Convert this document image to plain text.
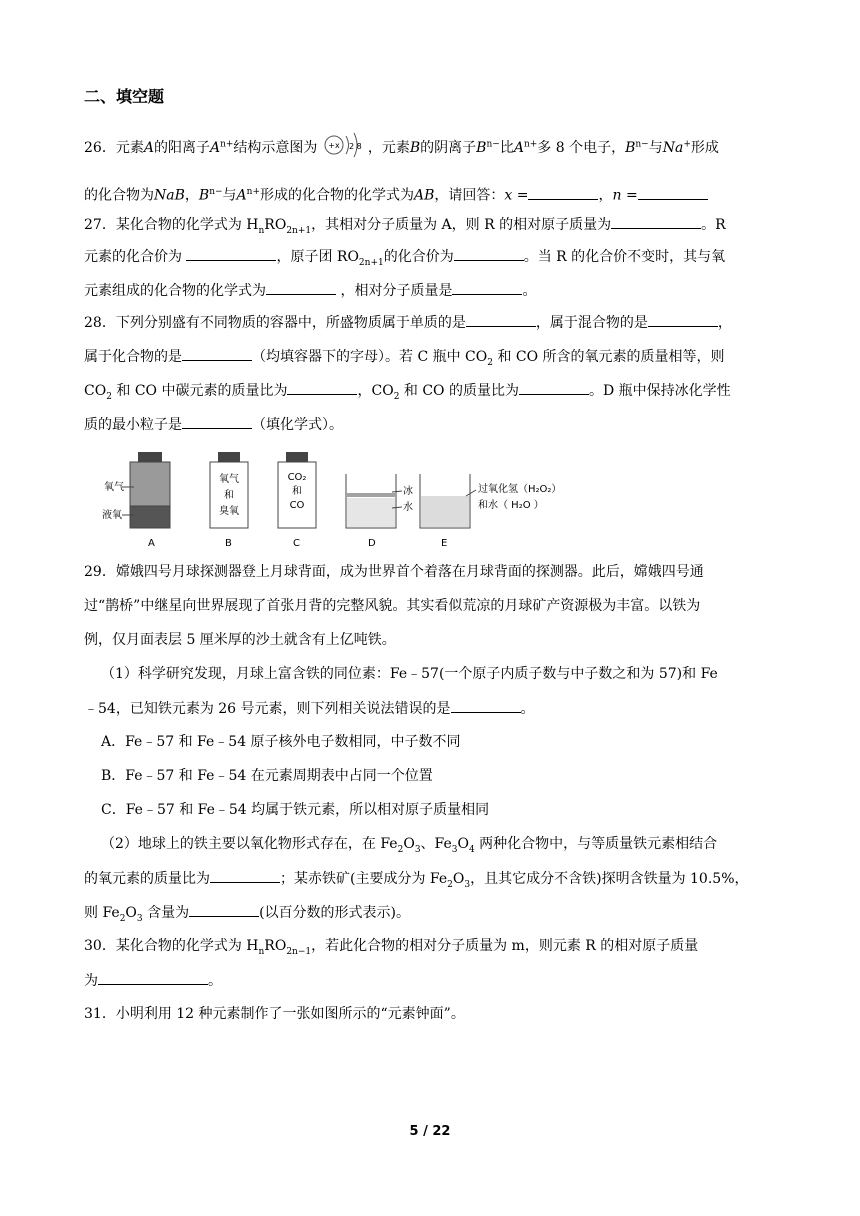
二、填空题
26．元素A的阳离子$A^{n+}$结构示意图为 +x 2 8 ，元素B的阴离子$B^{n-}$比$A^{n+}$多 8 个电子，$B^{n-}$与Na+形成
的化合物为NaB，$B^{n-}$与$A^{n+}$形成的化合物的化学式为AB，请回答：x =	，n =
27．某化合物的化学式为 $H_nRO_{2n+1}$，其相对分子质量为 A，则 R 的相对原子质量为	。R
元素的化合价为	，原子团 $RO_{2n+1}$的化合价为	。当 R 的化合价不变时，其与氧
元素组成的化合物的化学式为	，相对分子质量是	。
28．下列分别盛有不同物质的容器中，所盛物质属于单质的是	，属于混合物的是	，
属于化合物的是	（均填容器下的字母）。若 C 瓶中 $CO_2$ 和 CO 所含的氧元素的质量相等，则
$CO_2$ 和 CO 中碳元素的质量比为	，$CO_2$ 和 CO 的质量比为	。D 瓶中保持冰化学性
质的最小粒子是	（填化学式）。
氧气
液氧
A
氧气
和
臭氧
B
CO₂
和
CO
C
冰
水
D
过氧化氢（H₂O₂）
和水（ H₂O ）
E
29．嫦娥四号月球探测器登上月球背面，成为世界首个着落在月球背面的探测器。此后，嫦娥四号通
过“鹊桥”中继星向世界展现了首张月背的完整风貌。其实看似荒凉的月球矿产资源极为丰富。以铁为
例，仅月面表层 5 厘米厚的沙土就含有上亿吨铁。
（1）科学研究发现，月球上富含铁的同位素：Fe﹣57(一个原子内质子数与中子数之和为 57)和 Fe
﹣54，已知铁元素为 26 号元素，则下列相关说法错误的是	。
A．Fe﹣57 和 Fe﹣54 原子核外电子数相同，中子数不同
B．Fe﹣57 和 Fe﹣54 在元素周期表中占同一个位置
C．Fe﹣57 和 Fe﹣54 均属于铁元素，所以相对原子质量相同
（2）地球上的铁主要以氧化物形式存在，在 $Fe_2O_3$、$Fe_3O_4$ 两种化合物中，与等质量铁元素相结合
的氧元素的质量比为	；某赤铁矿(主要成分为 $Fe_2O_3$，且其它成分不含铁)探明含铁量为 10.5%，
则 $Fe_2O_3$ 含量为	(以百分数的形式表示)。
30．某化合物的化学式为 $H_nRO_{2n-1}$，若此化合物的相对分子质量为 m，则元素 R 的相对原子质量
为	。
31．小明利用 12 种元素制作了一张如图所示的“元素钟面”。
5 / 22
